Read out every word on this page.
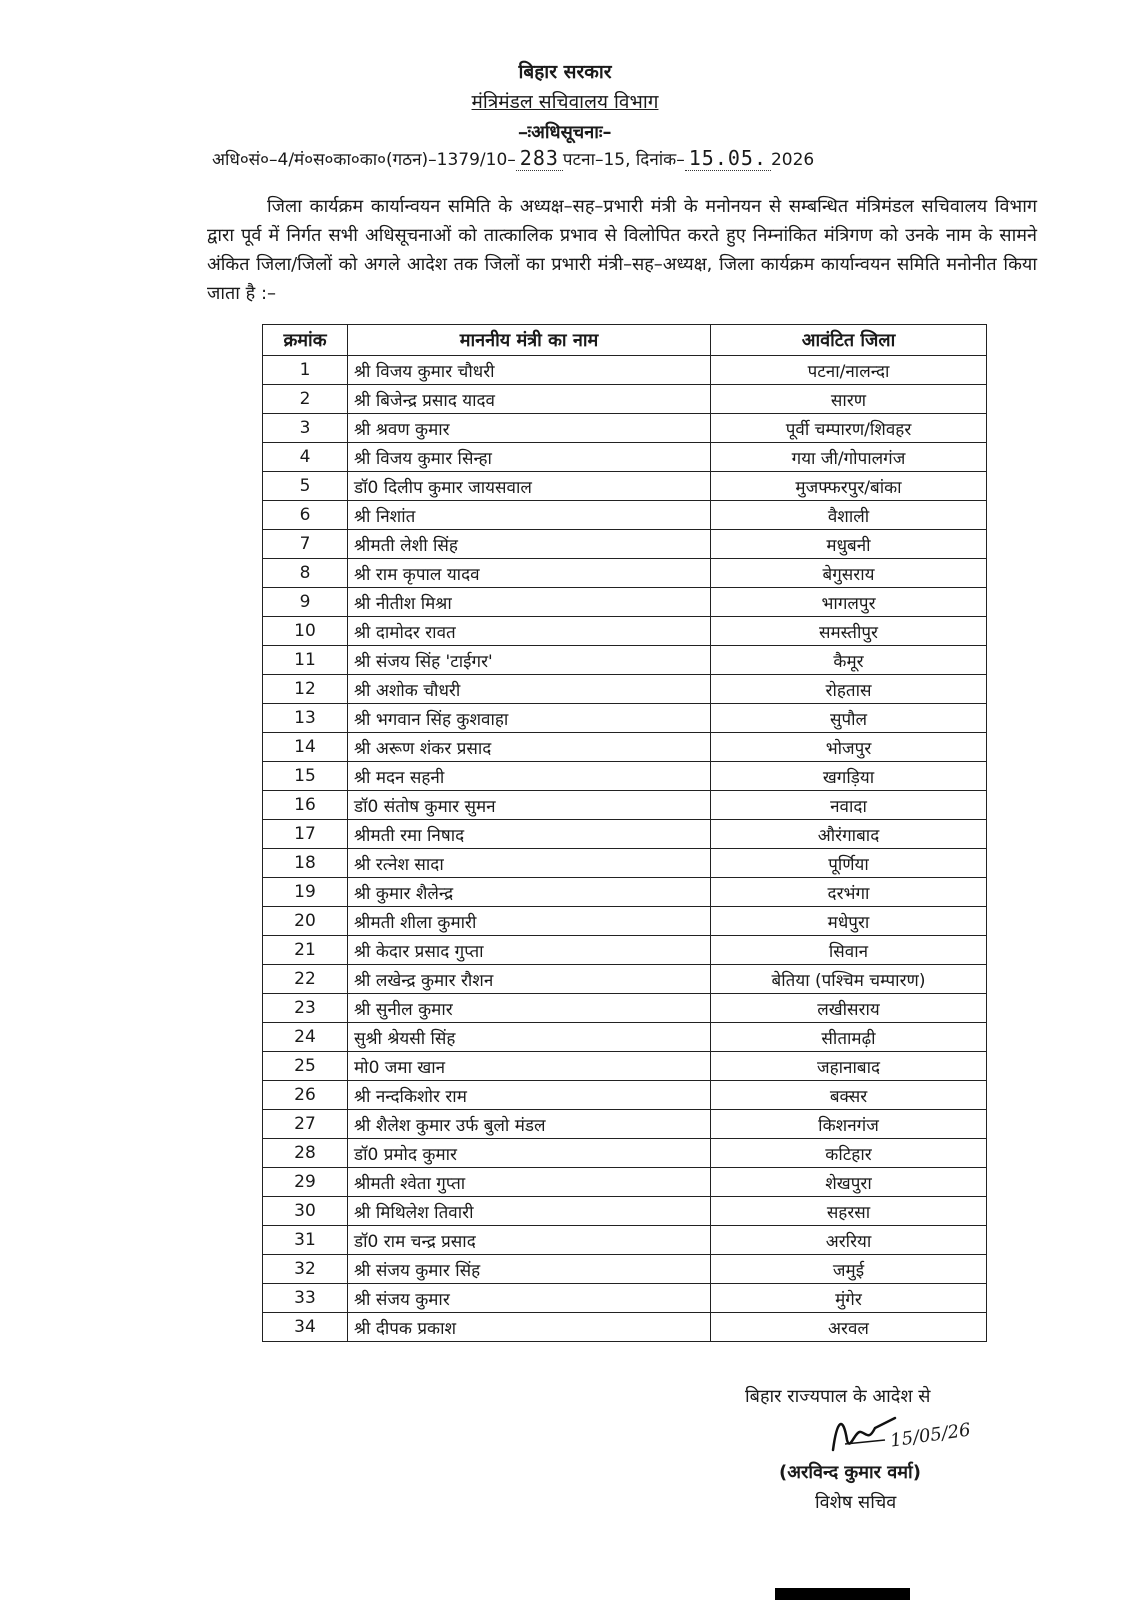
बिहार सरकार
मंत्रिमंडल सचिवालय विभाग
–ःअधिसूचनाः–
अधि०सं०–4/मं०स०का०का०(गठन)–1379/10– 283 पटना–15, दिनांक– 15.05. 2026

जिला कार्यक्रम कार्यान्वयन समिति के अध्यक्ष–सह–प्रभारी मंत्री के मनोनयन से सम्बन्धित मंत्रिमंडल सचिवालय विभाग द्वारा पूर्व में निर्गत सभी अधिसूचनाओं को तात्कालिक प्रभाव से विलोपित करते हुए निम्नांकित मंत्रिगण को उनके नाम के सामने अंकित जिला/जिलों को अगले आदेश तक जिलों का प्रभारी मंत्री–सह–अध्यक्ष, जिला कार्यक्रम कार्यान्वयन समिति मनोनीत किया जाता है :–

क्रमांक	माननीय मंत्री का नाम	आवंटित जिला
1	श्री विजय कुमार चौधरी	पटना/नालन्दा
2	श्री बिजेन्द्र प्रसाद यादव	सारण
3	श्री श्रवण कुमार	पूर्वी चम्पारण/शिवहर
4	श्री विजय कुमार सिन्हा	गया जी/गोपालगंज
5	डॉ0 दिलीप कुमार जायसवाल	मुजफ्फरपुर/बांका
6	श्री निशांत	वैशाली
7	श्रीमती लेशी सिंह	मधुबनी
8	श्री राम कृपाल यादव	बेगुसराय
9	श्री नीतीश मिश्रा	भागलपुर
10	श्री दामोदर रावत	समस्तीपुर
11	श्री संजय सिंह 'टाईगर'	कैमूर
12	श्री अशोक चौधरी	रोहतास
13	श्री भगवान सिंह कुशवाहा	सुपौल
14	श्री अरूण शंकर प्रसाद	भोजपुर
15	श्री मदन सहनी	खगड़िया
16	डॉ0 संतोष कुमार सुमन	नवादा
17	श्रीमती रमा निषाद	औरंगाबाद
18	श्री रत्नेश सादा	पूर्णिया
19	श्री कुमार शैलेन्द्र	दरभंगा
20	श्रीमती शीला कुमारी	मधेपुरा
21	श्री केदार प्रसाद गुप्ता	सिवान
22	श्री लखेन्द्र कुमार रौशन	बेतिया (पश्चिम चम्पारण)
23	श्री सुनील कुमार	लखीसराय
24	सुश्री श्रेयसी सिंह	सीतामढ़ी
25	मो0 जमा खान	जहानाबाद
26	श्री नन्दकिशोर राम	बक्सर
27	श्री शैलेश कुमार उर्फ बुलो मंडल	किशनगंज
28	डॉ0 प्रमोद कुमार	कटिहार
29	श्रीमती श्वेता गुप्ता	शेखपुरा
30	श्री मिथिलेश तिवारी	सहरसा
31	डॉ0 राम चन्द्र प्रसाद	अररिया
32	श्री संजय कुमार सिंह	जमुई
33	श्री संजय कुमार	मुंगेर
34	श्री दीपक प्रकाश	अरवल
बिहार राज्यपाल के आदेश से
15/05/26
(अरविन्द कुमार वर्मा)
विशेष सचिव
